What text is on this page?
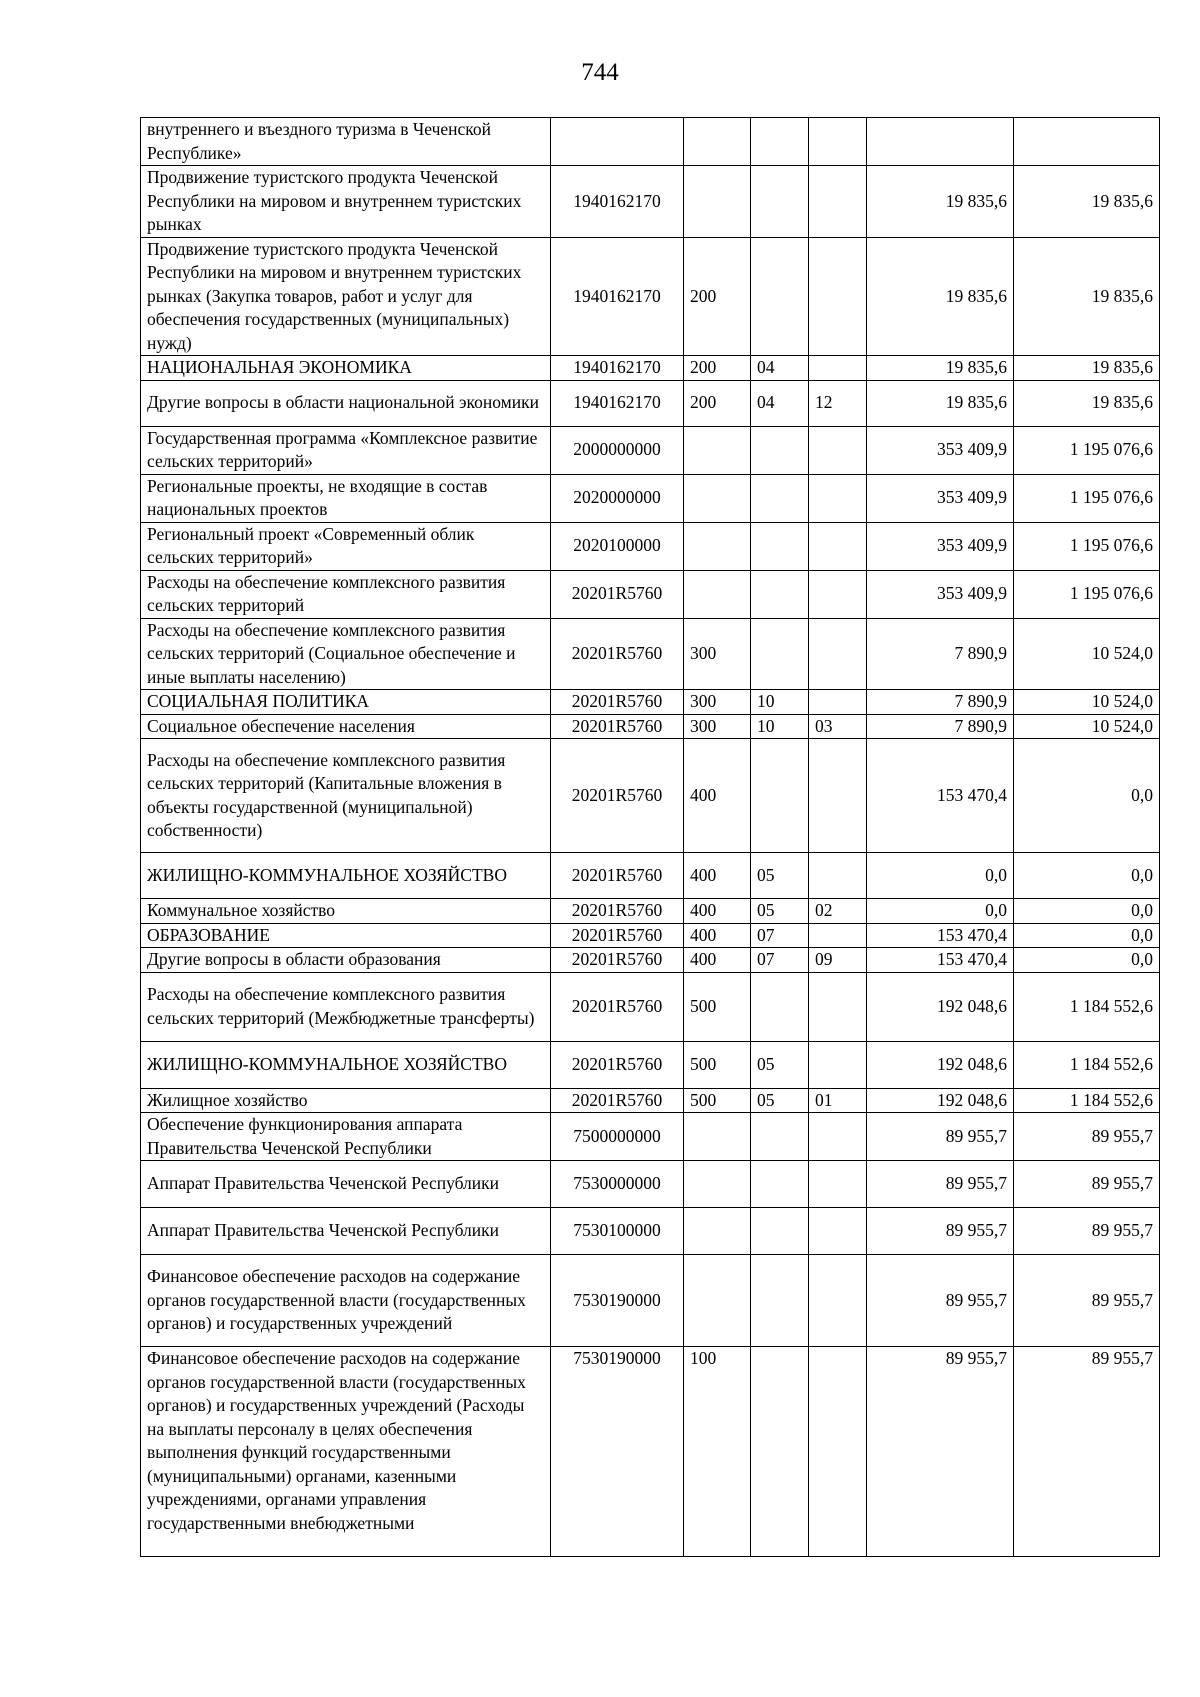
744
внутреннего и въездного туризма в Чеченской Республике»						
Продвижение туристского продукта Чеченской Республики на мировом и внутреннем туристских рынках	1940162170				19 835,6	19 835,6
Продвижение туристского продукта Чеченской Республики на мировом и внутреннем туристских рынках (Закупка товаров, работ и услуг для обеспечения государственных (муниципальных) нужд)	1940162170	200			19 835,6	19 835,6
НАЦИОНАЛЬНАЯ ЭКОНОМИКА	1940162170	200	04		19 835,6	19 835,6
Другие вопросы в области национальной экономики	1940162170	200	04	12	19 835,6	19 835,6
Государственная программа «Комплексное развитие сельских территорий»	2000000000				353 409,9	1 195 076,6
Региональные проекты, не входящие в состав национальных проектов	2020000000				353 409,9	1 195 076,6
Региональный проект «Современный облик сельских территорий»	2020100000				353 409,9	1 195 076,6
Расходы на обеспечение комплексного развития сельских территорий	20201R5760				353 409,9	1 195 076,6
Расходы на обеспечение комплексного развития сельских территорий (Социальное обеспечение и иные выплаты населению)	20201R5760	300			7 890,9	10 524,0
СОЦИАЛЬНАЯ ПОЛИТИКА	20201R5760	300	10		7 890,9	10 524,0
Социальное обеспечение населения	20201R5760	300	10	03	7 890,9	10 524,0
Расходы на обеспечение комплексного развития сельских территорий (Капитальные вложения в объекты государственной (муниципальной) собственности)	20201R5760	400			153 470,4	0,0
ЖИЛИЩНО-КОММУНАЛЬНОЕ ХОЗЯЙСТВО	20201R5760	400	05		0,0	0,0
Коммунальное хозяйство	20201R5760	400	05	02	0,0	0,0
ОБРАЗОВАНИЕ	20201R5760	400	07		153 470,4	0,0
Другие вопросы в области образования	20201R5760	400	07	09	153 470,4	0,0
Расходы на обеспечение комплексного развития сельских территорий (Межбюджетные трансферты)	20201R5760	500			192 048,6	1 184 552,6
ЖИЛИЩНО-КОММУНАЛЬНОЕ ХОЗЯЙСТВО	20201R5760	500	05		192 048,6	1 184 552,6
Жилищное хозяйство	20201R5760	500	05	01	192 048,6	1 184 552,6
Обеспечение функционирования аппарата Правительства Чеченской Республики	7500000000				89 955,7	89 955,7
Аппарат Правительства Чеченской Республики	7530000000				89 955,7	89 955,7
Аппарат Правительства Чеченской Республики	7530100000				89 955,7	89 955,7
Финансовое обеспечение расходов на содержание органов государственной власти (государственных органов) и государственных учреждений	7530190000				89 955,7	89 955,7
Финансовое обеспечение расходов на содержание органов государственной власти (государственных органов) и государственных учреждений (Расходы на выплаты персоналу в целях обеспечения выполнения функций государственными (муниципальными) органами, казенными учреждениями, органами управления государственными внебюджетными	7530190000	100			89 955,7	89 955,7
